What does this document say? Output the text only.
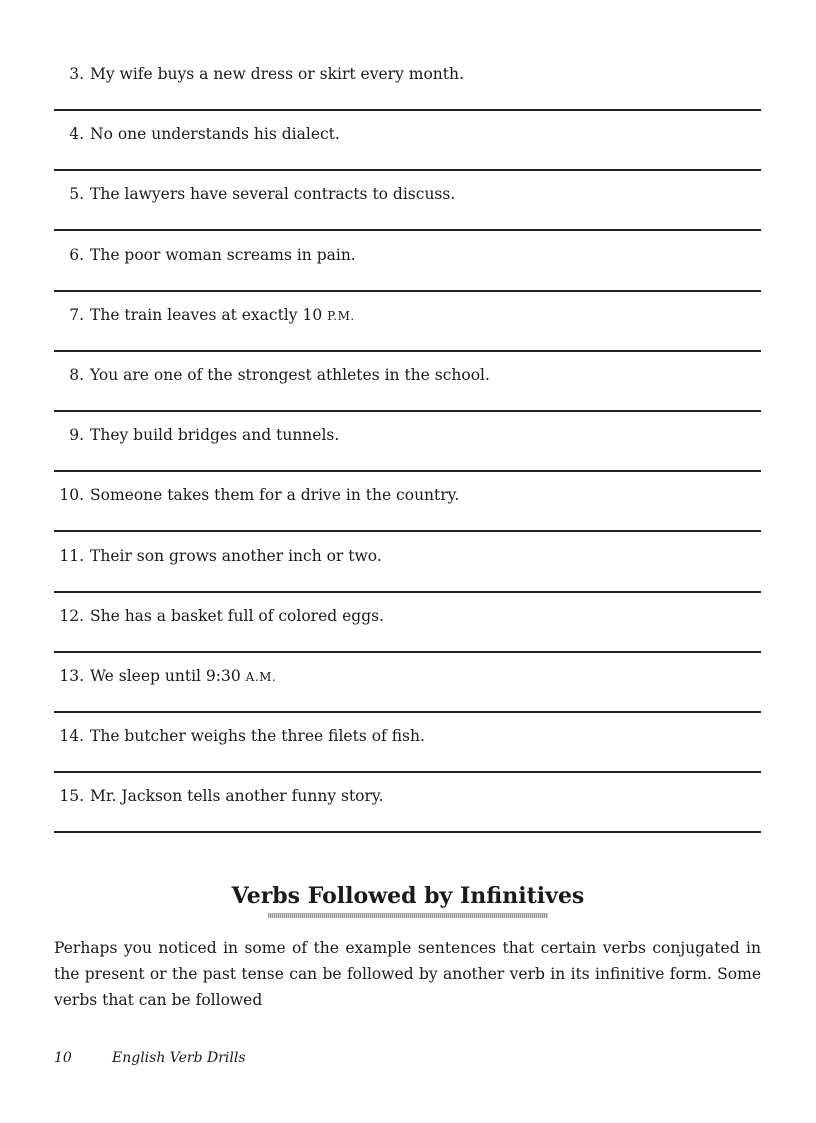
3. My wife buys a new dress or skirt every month.
4. No one understands his dialect.
5. The lawyers have several contracts to discuss.
6. The poor woman screams in pain.
7. The train leaves at exactly 10 P.M.
8. You are one of the strongest athletes in the school.
9. They build bridges and tunnels.
10. Someone takes them for a drive in the country.
11. Their son grows another inch or two.
12. She has a basket full of colored eggs.
13. We sleep until 9:30 A.M.
14. The butcher weighs the three filets of fish.
15. Mr. Jackson tells another funny story.
Verbs Followed by Infinitives

Perhaps you noticed in some of the example sentences that certain verbs conjugated in the present or the past tense can be followed by another verb in its infinitive form. Some verbs that can be followed

10	English Verb Drills
